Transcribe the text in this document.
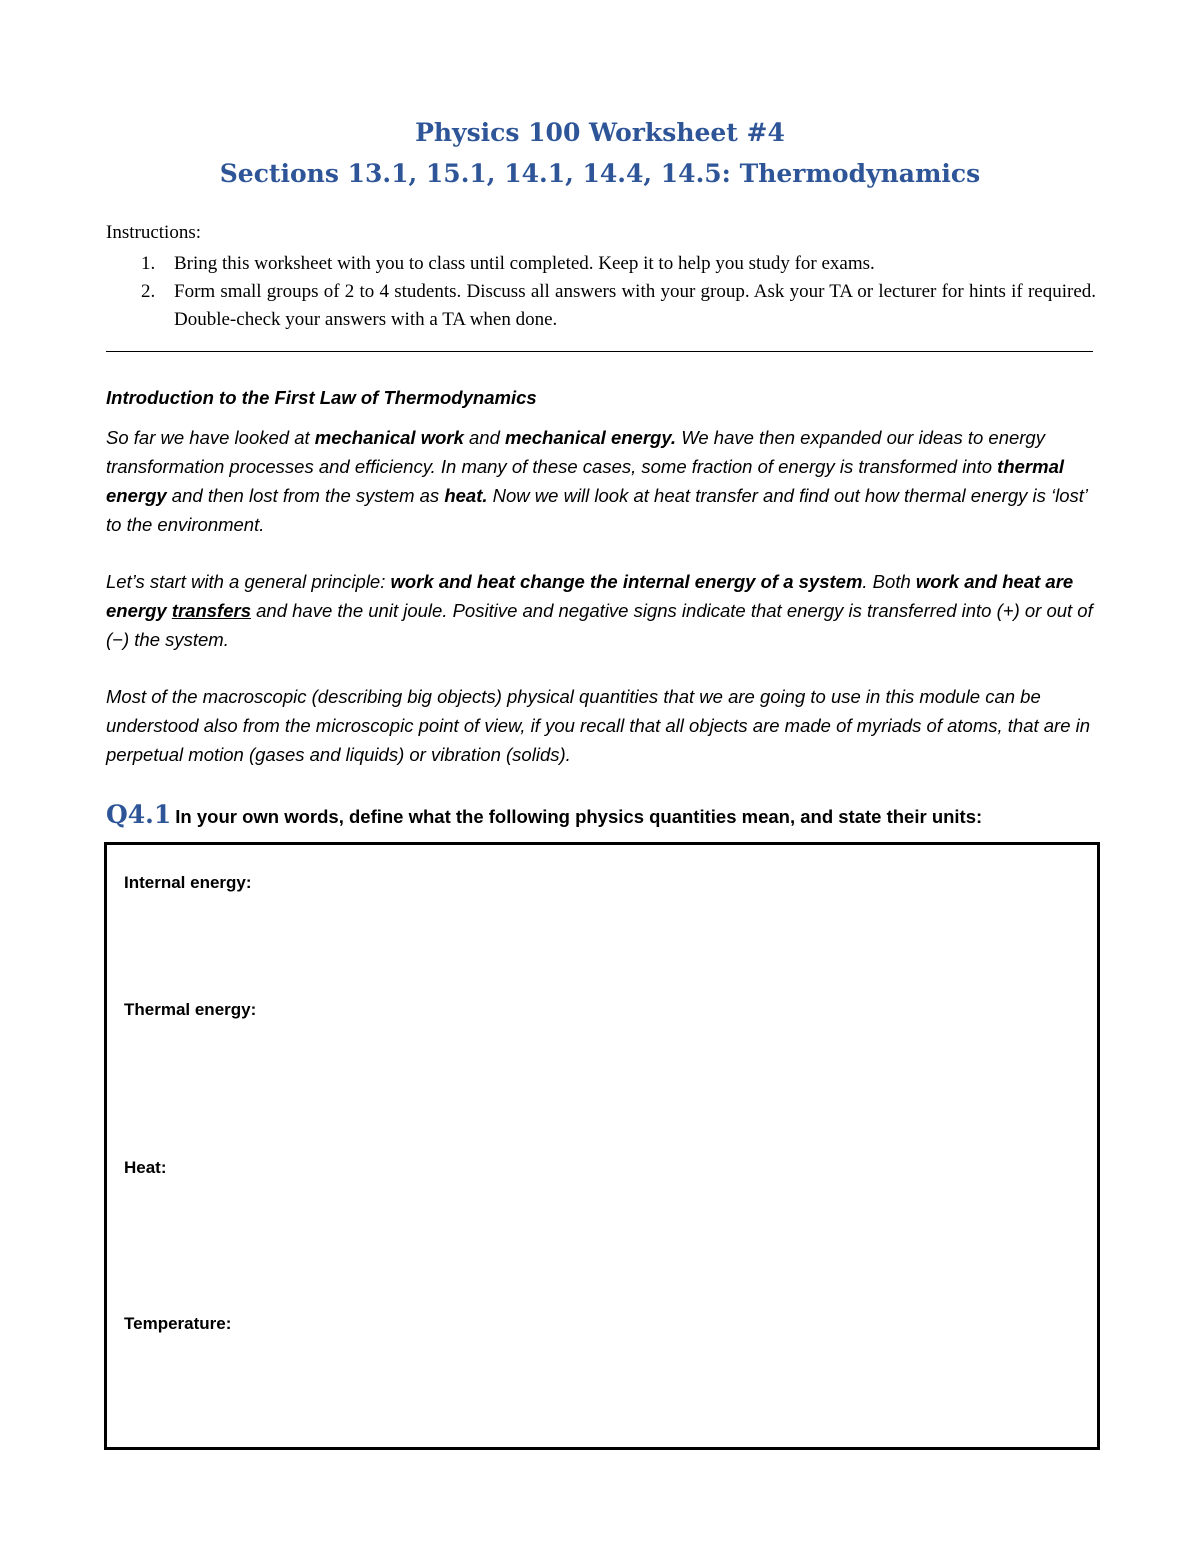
Physics 100 Worksheet #4
Sections 13.1, 15.1, 14.1, 14.4, 14.5: Thermodynamics
Instructions:
1. Bring this worksheet with you to class until completed. Keep it to help you study for exams.
2. Form small groups of 2 to 4 students. Discuss all answers with your group. Ask your TA or lecturer for hints if required. Double-check your answers with a TA when done.
Introduction to the First Law of Thermodynamics

So far we have looked at mechanical work and mechanical energy. We have then expanded our ideas to energy transformation processes and efficiency. In many of these cases, some fraction of energy is transformed into thermal energy and then lost from the system as heat. Now we will look at heat transfer and find out how thermal energy is ‘lost’ to the environment.

Let’s start with a general principle: work and heat change the internal energy of a system. Both work and heat are energy transfers and have the unit joule. Positive and negative signs indicate that energy is transferred into (+) or out of (−) the system.

Most of the macroscopic (describing big objects) physical quantities that we are going to use in this module can be understood also from the microscopic point of view, if you recall that all objects are made of myriads of atoms, that are in perpetual motion (gases and liquids) or vibration (solids).

Q4.1 In your own words, define what the following physics quantities mean, and state their units:
Internal energy:
Thermal energy:
Heat:
Temperature:
